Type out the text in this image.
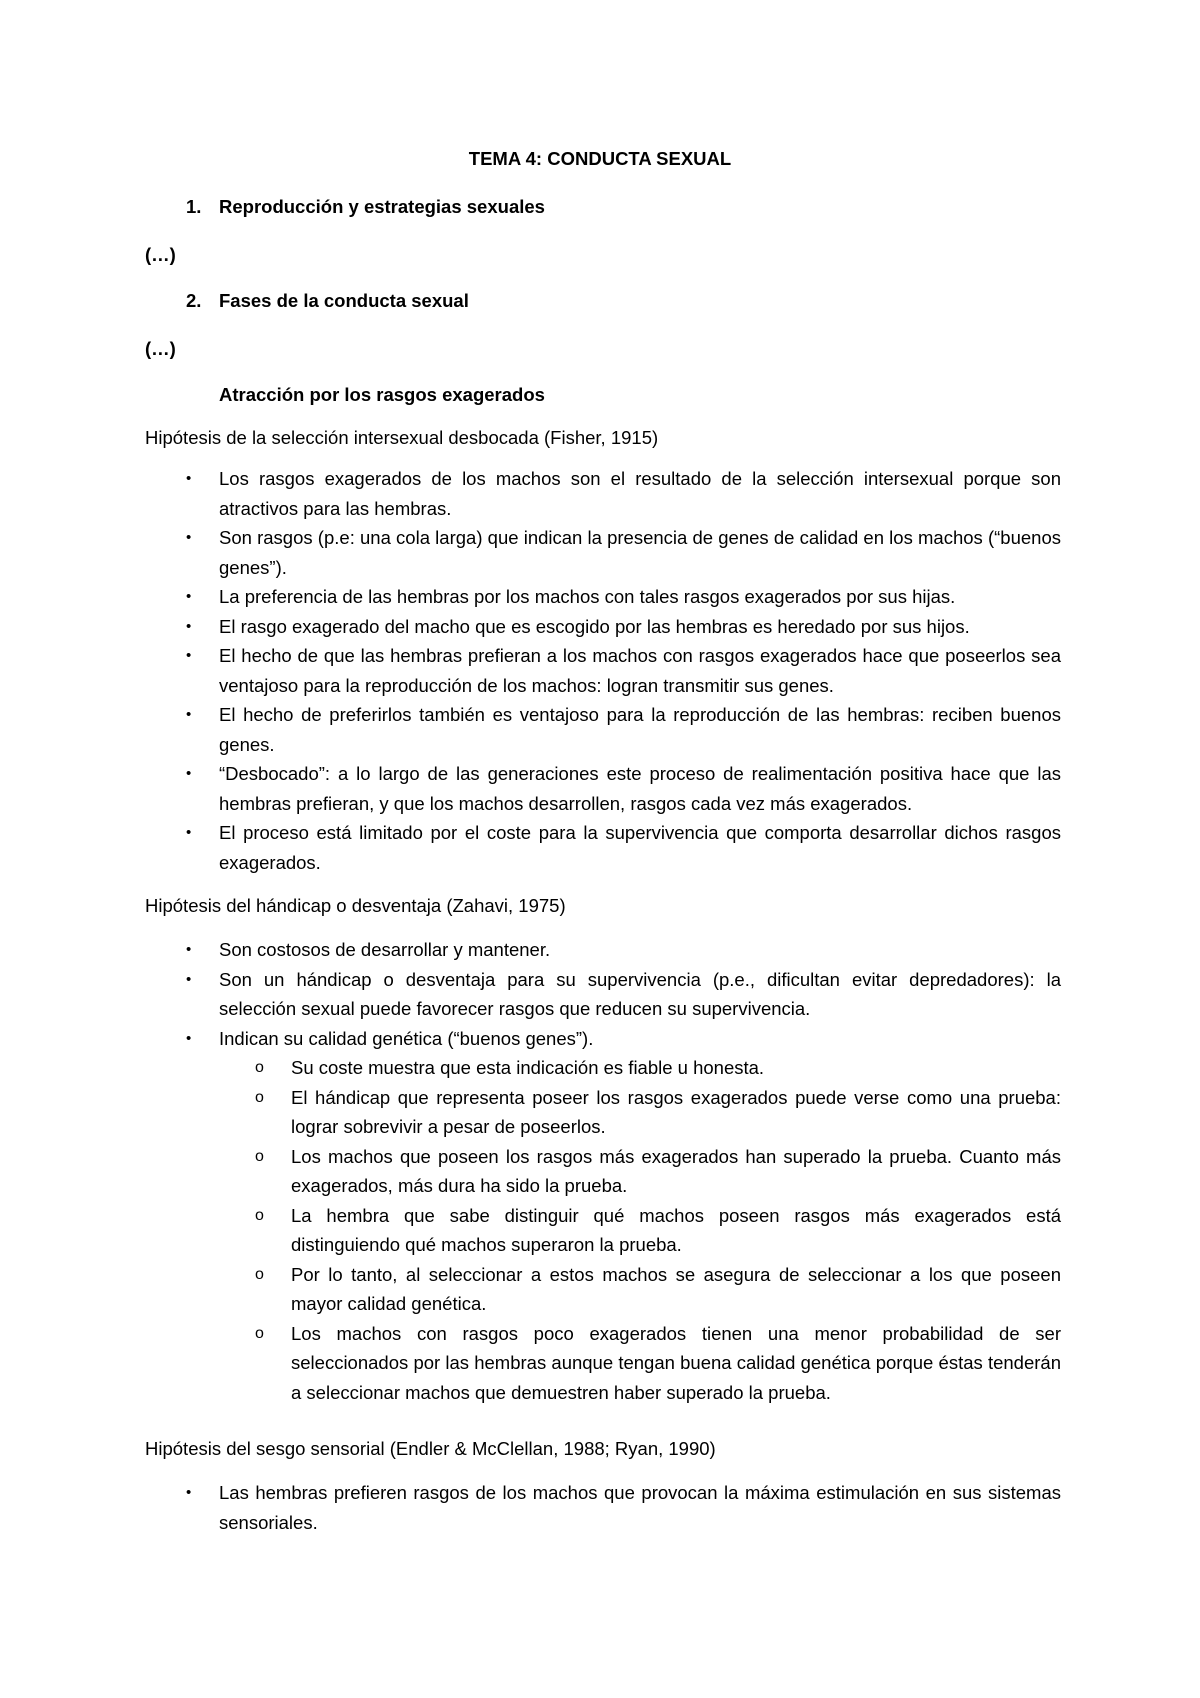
TEMA 4: CONDUCTA SEXUAL
1. Reproducción y estrategias sexuales
(…)
2. Fases de la conducta sexual
(…)
Atracción por los rasgos exagerados
Hipótesis de la selección intersexual desbocada (Fisher, 1915)
• Los rasgos exagerados de los machos son el resultado de la selección intersexual porque son atractivos para las hembras.
• Son rasgos (p.e: una cola larga) que indican la presencia de genes de calidad en los machos (“buenos genes”).
• La preferencia de las hembras por los machos con tales rasgos exagerados por sus hijas.
• El rasgo exagerado del macho que es escogido por las hembras es heredado por sus hijos.
• El hecho de que las hembras prefieran a los machos con rasgos exagerados hace que poseerlos sea ventajoso para la reproducción de los machos: logran transmitir sus genes.
• El hecho de preferirlos también es ventajoso para la reproducción de las hembras: reciben buenos genes.
• “Desbocado”: a lo largo de las generaciones este proceso de realimentación positiva hace que las hembras prefieran, y que los machos desarrollen, rasgos cada vez más exagerados.
• El proceso está limitado por el coste para la supervivencia que comporta desarrollar dichos rasgos exagerados.
Hipótesis del hándicap o desventaja (Zahavi, 1975)
• Son costosos de desarrollar y mantener.
• Son un hándicap o desventaja para su supervivencia (p.e., dificultan evitar depredadores): la selección sexual puede favorecer rasgos que reducen su supervivencia.
• Indican su calidad genética (“buenos genes”).
o Su coste muestra que esta indicación es fiable u honesta.
o El hándicap que representa poseer los rasgos exagerados puede verse como una prueba: lograr sobrevivir a pesar de poseerlos.
o Los machos que poseen los rasgos más exagerados han superado la prueba. Cuanto más exagerados, más dura ha sido la prueba.
o La hembra que sabe distinguir qué machos poseen rasgos más exagerados está distinguiendo qué machos superaron la prueba.
o Por lo tanto, al seleccionar a estos machos se asegura de seleccionar a los que poseen mayor calidad genética.
o Los machos con rasgos poco exagerados tienen una menor probabilidad de ser seleccionados por las hembras aunque tengan buena calidad genética porque éstas tenderán a seleccionar machos que demuestren haber superado la prueba.
Hipótesis del sesgo sensorial (Endler & McClellan, 1988; Ryan, 1990)
• Las hembras prefieren rasgos de los machos que provocan la máxima estimulación en sus sistemas sensoriales.
